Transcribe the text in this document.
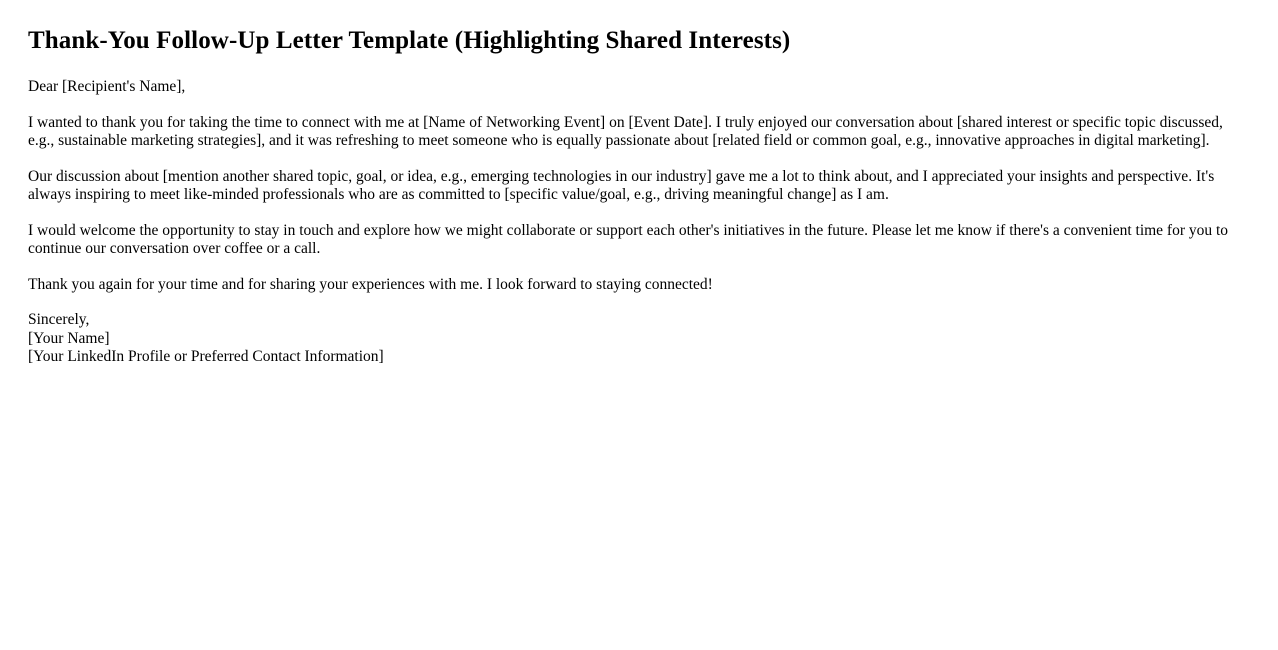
Thank-You Follow-Up Letter Template (Highlighting Shared Interests)

Dear [Recipient's Name],

I wanted to thank you for taking the time to connect with me at [Name of Networking Event] on [Event Date]. I truly enjoyed our conversation about [shared interest or specific topic discussed, e.g., sustainable marketing strategies], and it was refreshing to meet someone who is equally passionate about [related field or common goal, e.g., innovative approaches in digital marketing].

Our discussion about [mention another shared topic, goal, or idea, e.g., emerging technologies in our industry] gave me a lot to think about, and I appreciated your insights and perspective. It's always inspiring to meet like-minded professionals who are as committed to [specific value/goal, e.g., driving meaningful change] as I am.

I would welcome the opportunity to stay in touch and explore how we might collaborate or support each other's initiatives in the future. Please let me know if there's a convenient time for you to continue our conversation over coffee or a call.

Thank you again for your time and for sharing your experiences with me. I look forward to staying connected!

Sincerely,
[Your Name]
[Your LinkedIn Profile or Preferred Contact Information]
